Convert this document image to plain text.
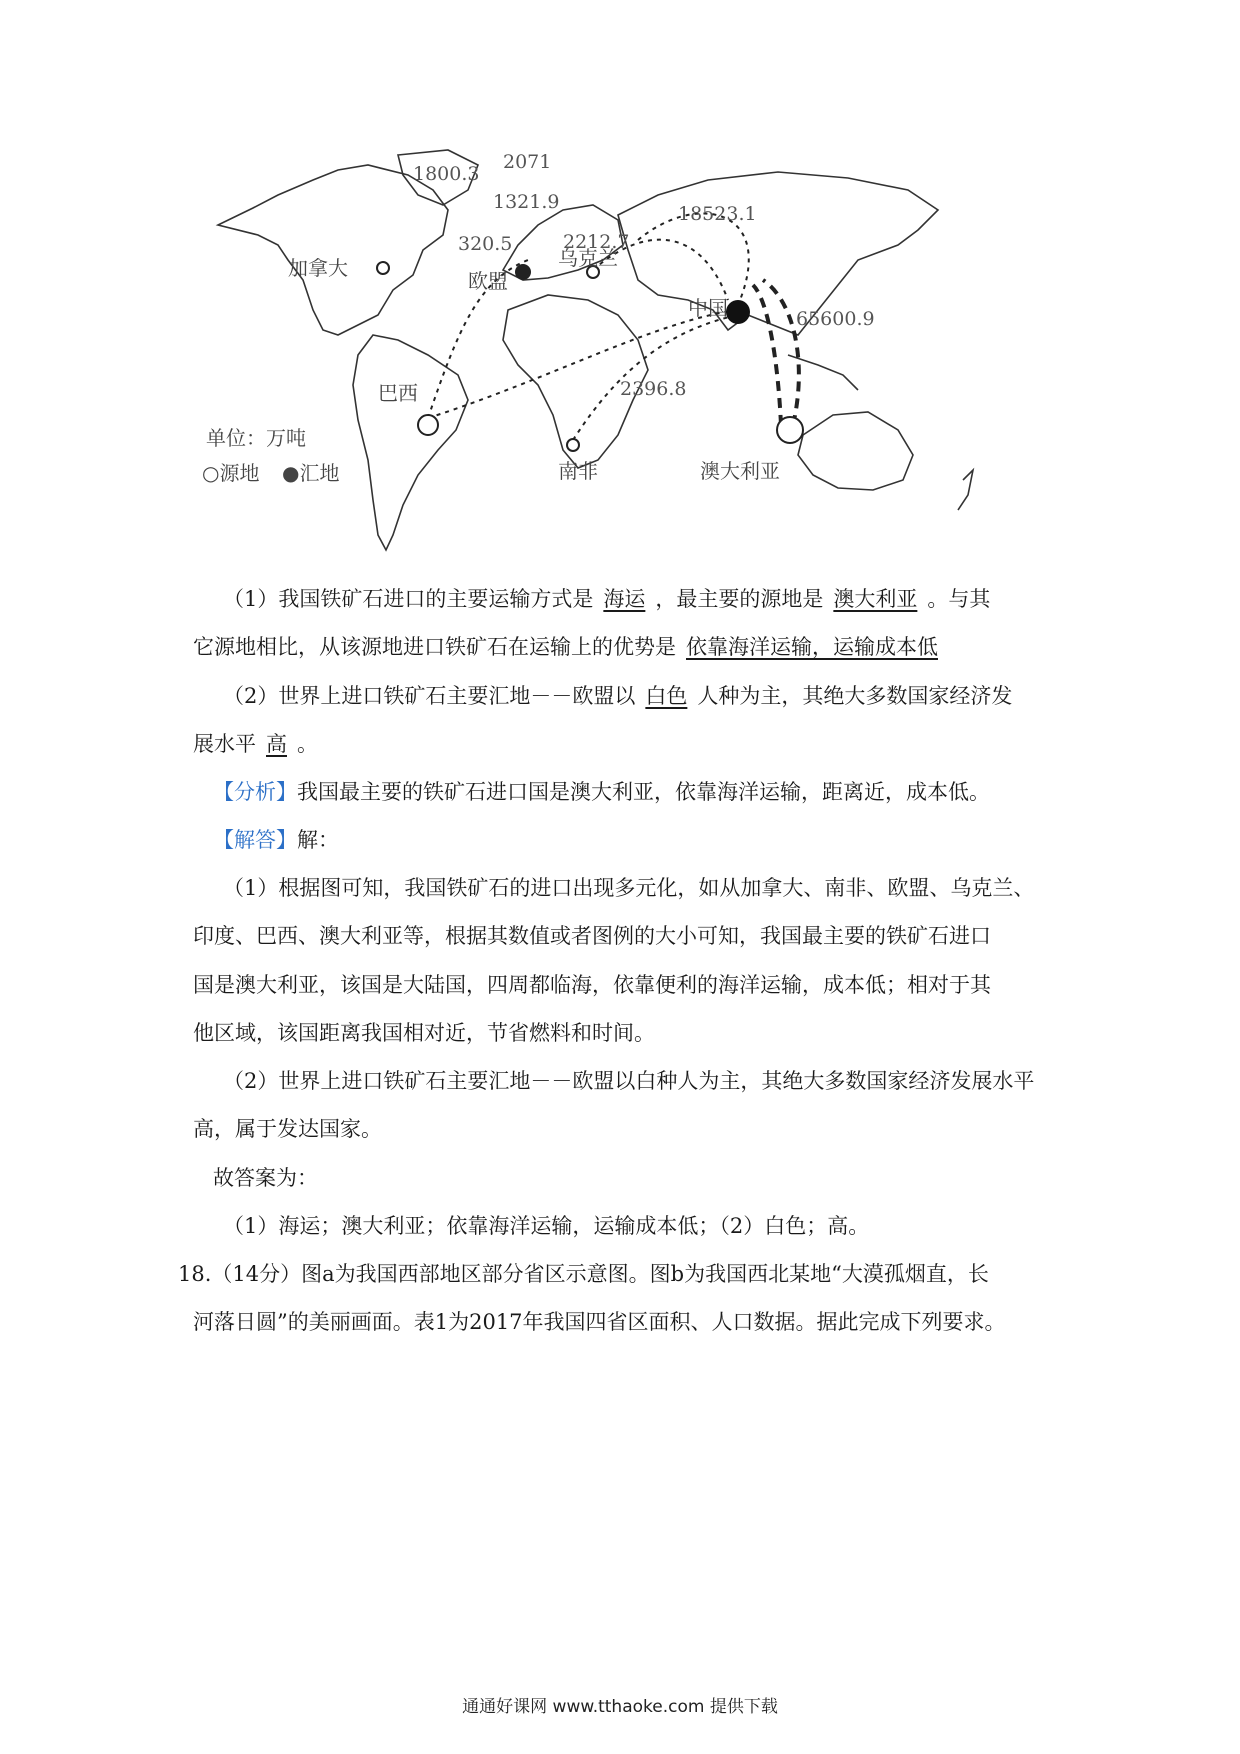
加拿大
欧盟
乌克兰
中国
巴西
南非	澳大利亚
1800.3
2071
1321.9
320.5	2212.7
18523.1
65600.9
2396.8
单位：万吨
○源地 ●汇地
（1）我国铁矿石进口的主要运输方式是 海运 ，最主要的源地是 澳大利亚 。与其
它源地相比，从该源地进口铁矿石在运输上的优势是 依靠海洋运输，运输成本低
（2）世界上进口铁矿石主要汇地－－欧盟以 白色 人种为主，其绝大多数国家经济发
展水平 高 。
【分析】我国最主要的铁矿石进口国是澳大利亚，依靠海洋运输，距离近，成本低。
【解答】解：
（1）根据图可知，我国铁矿石的进口出现多元化，如从加拿大、南非、欧盟、乌克兰、
印度、巴西、澳大利亚等，根据其数值或者图例的大小可知，我国最主要的铁矿石进口
国是澳大利亚，该国是大陆国，四周都临海，依靠便利的海洋运输，成本低；相对于其
他区域，该国距离我国相对近，节省燃料和时间。
（2）世界上进口铁矿石主要汇地－－欧盟以白种人为主，其绝大多数国家经济发展水平
高，属于发达国家。
故答案为：
（1）海运；澳大利亚；依靠海洋运输，运输成本低；（2）白色；高。
18.（14分）图a为我国西部地区部分省区示意图。图b为我国西北某地“大漠孤烟直，长
河落日圆”的美丽画面。表1为2017年我国四省区面积、人口数据。据此完成下列要求。
通通好课网 www.tthaoke.com 提供下载
